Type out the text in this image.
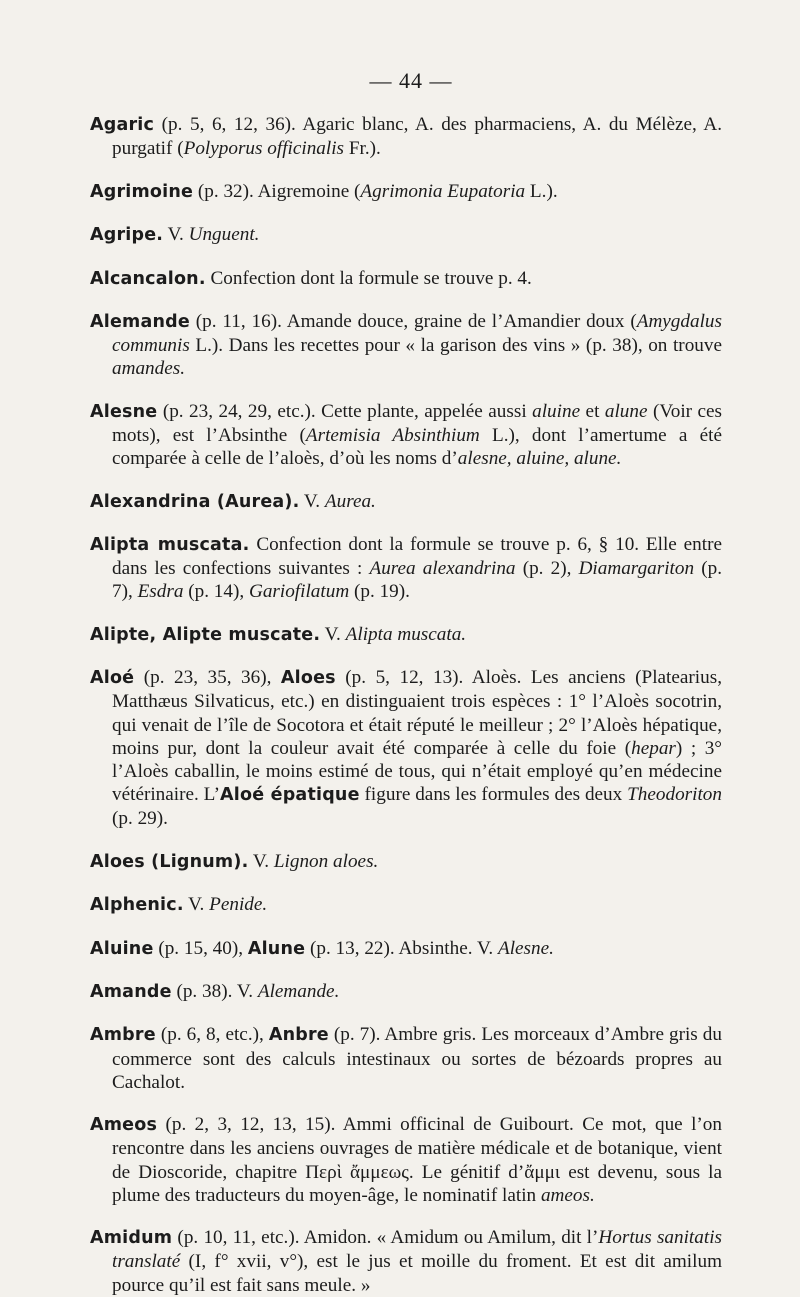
— 44 —

Agaric (p. 5, 6, 12, 36). Agaric blanc, A. des pharmaciens, A. du Mélèze, A. purgatif (Polyporus officinalis Fr.).

Agrimoine (p. 32). Aigremoine (Agrimonia Eupatoria L.).

Agripe. V. Unguent.

Alcancalon. Confection dont la formule se trouve p. 4.

Alemande (p. 11, 16). Amande douce, graine de l’Amandier doux (Amygdalus communis L.). Dans les recettes pour « la garison des vins » (p. 38), on trouve amandes.

Alesne (p. 23, 24, 29, etc.). Cette plante, appelée aussi aluine et alune (Voir ces mots), est l’Absinthe (Artemisia Absinthium L.), dont l’amertume a été comparée à celle de l’aloès, d’où les noms d’alesne, aluine, alune.

Alexandrina (Aurea). V. Aurea.

Alipta muscata. Confection dont la formule se trouve p. 6, § 10. Elle entre dans les confections suivantes : Aurea alexandrina (p. 2), Diamargariton (p. 7), Esdra (p. 14), Gariofilatum (p. 19).

Alipte, Alipte muscate. V. Alipta muscata.

Aloé (p. 23, 35, 36), Aloes (p. 5, 12, 13). Aloès. Les anciens (Platearius, Matthæus Silvaticus, etc.) en distinguaient trois espèces : 1° l’Aloès socotrin, qui venait de l’île de Socotora et était réputé le meilleur ; 2° l’Aloès hépatique, moins pur, dont la couleur avait été comparée à celle du foie (hepar) ; 3° l’Aloès caballin, le moins estimé de tous, qui n’était employé qu’en médecine vétérinaire. L’Aloé épatique figure dans les formules des deux Theodoriton (p. 29).

Aloes (Lignum). V. Lignon aloes.

Alphenic. V. Penide.

Aluine (p. 15, 40), Alune (p. 13, 22). Absinthe. V. Alesne.

Amande (p. 38). V. Alemande.

Ambre (p. 6, 8, etc.), Anbre (p. 7). Ambre gris. Les morceaux d’Ambre gris du commerce sont des calculs intestinaux ou sortes de bézoards propres au Cachalot.

Ameos (p. 2, 3, 12, 13, 15). Ammi officinal de Guibourt. Ce mot, que l’on rencontre dans les anciens ouvrages de matière médicale et de botanique, vient de Dioscoride, chapitre Περὶ ἄμμεως. Le génitif d’ἄμμι est devenu, sous la plume des traducteurs du moyen-âge, le nominatif latin ameos.

Amidum (p. 10, 11, etc.). Amidon. « Amidum ou Amilum, dit l’Hortus sanitatis translaté (I, f° xvii, v°), est le jus et moille du froment. Et est dit amilum pource qu’il est fait sans meule. »
